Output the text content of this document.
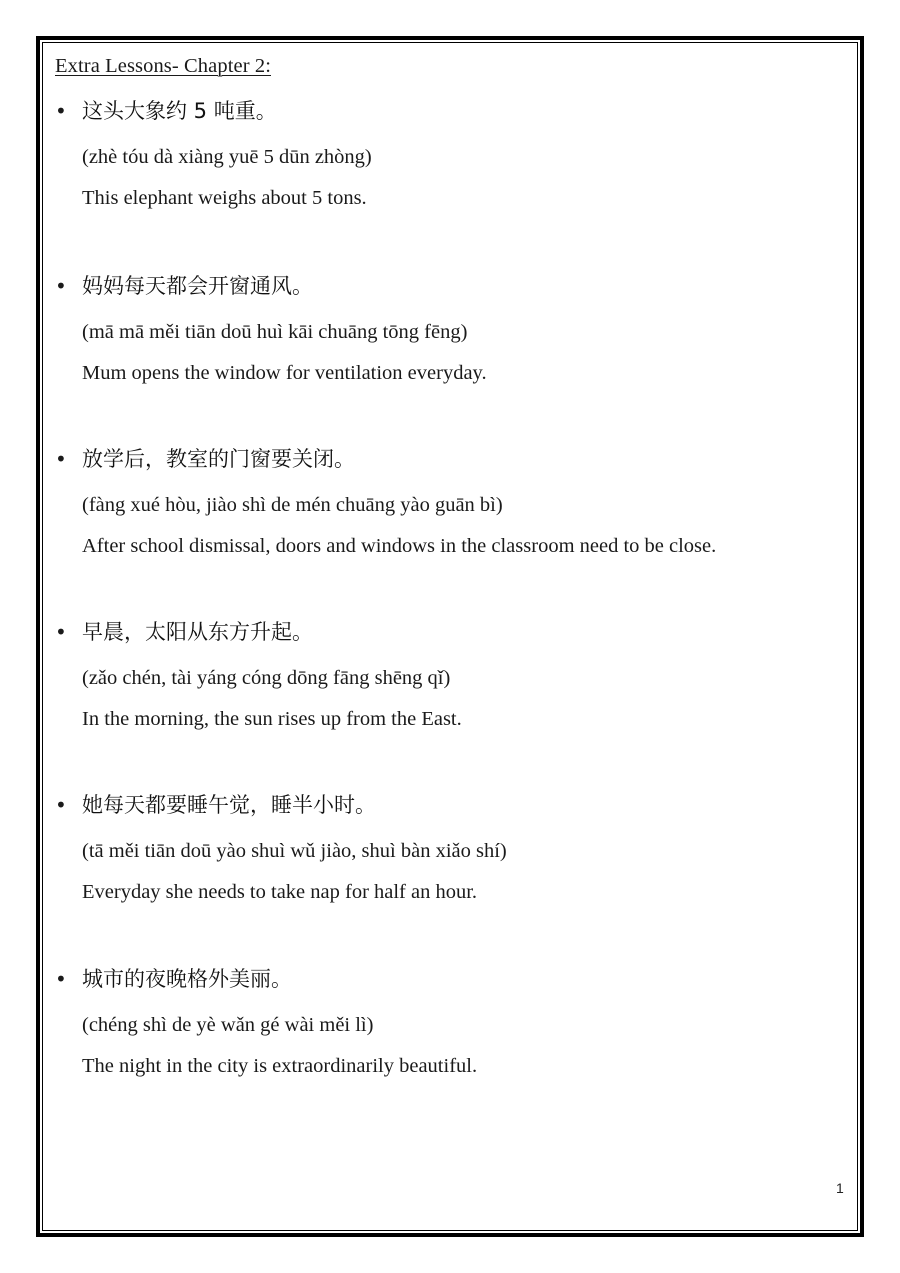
Extra Lessons- Chapter 2:
• 这头大象约 5 吨重。
(zhè tóu dà xiàng yuē 5 dūn zhòng)
This elephant weighs about 5 tons.
• 妈妈每天都会开窗通风。
(mā mā měi tiān doū huì kāi chuāng tōng fēng)
Mum opens the window for ventilation everyday.
• 放学后，教室的门窗要关闭。
(fàng xué hòu, jiào shì de mén chuāng yào guān bì)
After school dismissal, doors and windows in the classroom need to be close.
• 早晨，太阳从东方升起。
(zǎo chén, tài yáng cóng dōng fāng shēng qǐ)
In the morning, the sun rises up from the East.
• 她每天都要睡午觉，睡半小时。
(tā měi tiān doū yào shuì wǔ jiào, shuì bàn xiǎo shí)
Everyday she needs to take nap for half an hour.
• 城市的夜晚格外美丽。
(chéng shì de yè wǎn gé wài měi lì)
The night in the city is extraordinarily beautiful.
1
